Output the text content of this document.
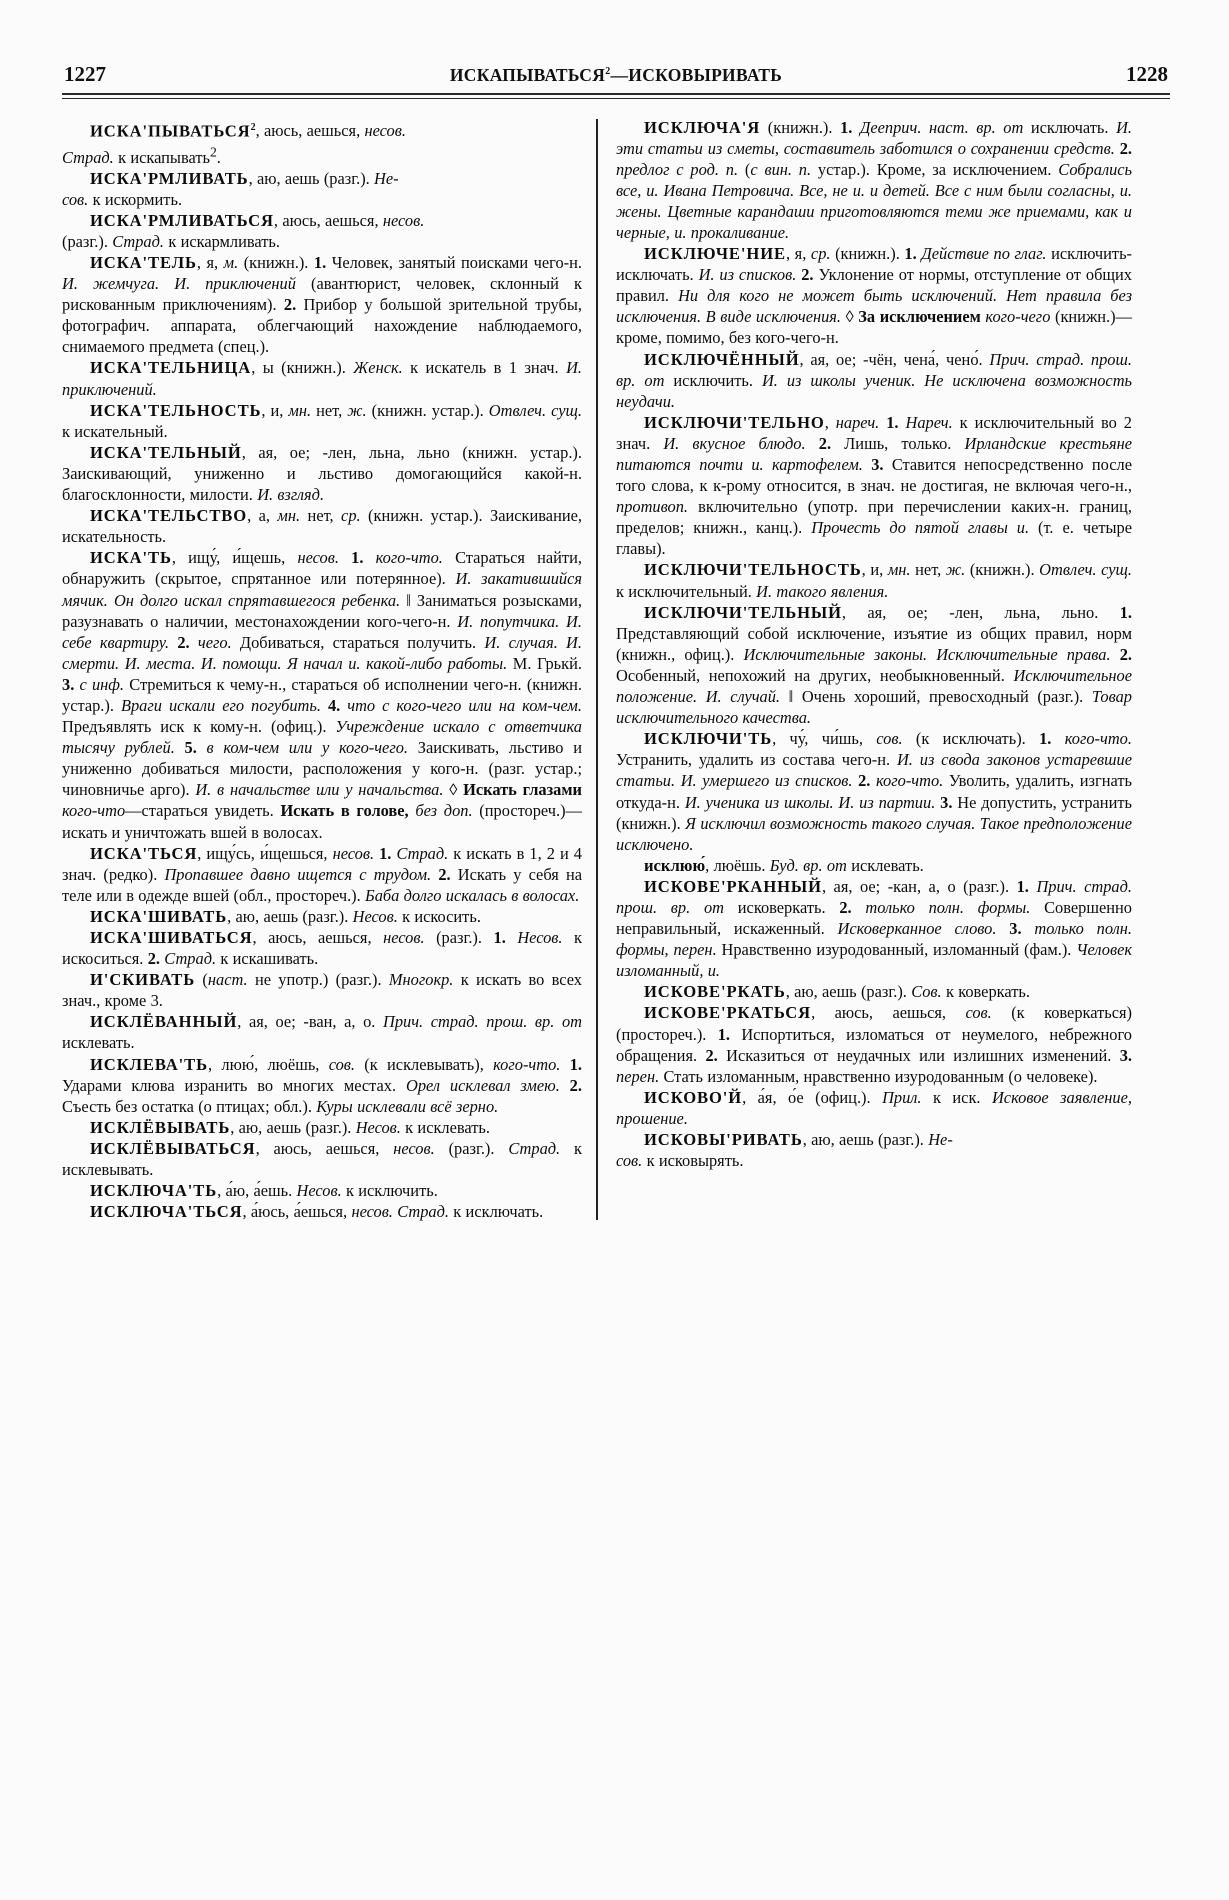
1227	ИСКАПЫВАТЬСЯ$^2$—ИСКОВЫРИВАТЬ	1228

ИСКА'ПЫВАТЬСЯ$^2$, аюсь, аешься, несов.
Страд. к искапывать$^2$.

ИСКА'РМЛИВАТЬ, аю, аешь (разг.). Не-
сов. к искормить.

ИСКА'РМЛИВАТЬСЯ, аюсь, аешься, несов.
(разг.). Страд. к искармливать.

ИСКА'ТЕЛЬ, я, м. (книжн.). 1. Человек, занятый поисками чего-н. И. жемчуга. И. приключений (авантюрист, человек, склонный к рискованным приключениям). 2. Прибор у большой зрительной трубы, фотографич. аппарата, облегчающий нахождение наблюдаемого, снимаемого предмета (спец.).

ИСКА'ТЕЛЬНИЦА, ы (книжн.). Женск. к искатель в 1 знач. И. приключений.

ИСКА'ТЕЛЬНОСТЬ, и, мн. нет, ж. (книжн. устар.). Отвлеч. сущ. к искательный.

ИСКА'ТЕЛЬНЫЙ, ая, ое; -лен, льна, льно (книжн. устар.). Заискивающий, униженно и льстиво домогающийся какой-н. благосклонности, милости. И. взгляд.

ИСКА'ТЕЛЬСТВО, а, мн. нет, ср. (книжн. устар.). Заискивание, искательность.

ИСКА'ТЬ, ищу́, и́щешь, несов. 1. кого-что. Стараться найти, обнаружить (скрытое, спрятанное или потерянное). И. закатившийся мячик. Он долго искал спрятавшегося ребенка. ‖ Заниматься розысками, разузнавать о наличии, местонахождении кого-чего-н. И. попутчика. И. себе квартиру. 2. чего. Добиваться, стараться получить. И. случая. И. смерти. И. места. И. помощи. Я начал и. какой-либо работы. М. Грькй. 3. с инф. Стремиться к чему-н., стараться об исполнении чего-н. (книжн. устар.). Враги искали его погубить. 4. что с кого-чего или на ком-чем. Предъявлять иск к кому-н. (офиц.). Учреждение искало с ответчика тысячу рублей. 5. в ком-чем или у кого-чего. Заискивать, льстиво и униженно добиваться милости, расположения у кого-н. (разг. устар.; чиновничье арго). И. в начальстве или у начальства. ◊ Искать глазами кого-что—стараться увидеть. Искать в голове, без доп. (простореч.)—искать и уничтожать вшей в волосах.

ИСКА'ТЬСЯ, ищу́сь, и́щешься, несов. 1. Страд. к искать в 1, 2 и 4 знач. (редко). Пропавшее давно ищется с трудом. 2. Искать у себя на теле или в одежде вшей (обл., простореч.). Баба долго искалась в волосах.

ИСКА'ШИВАТЬ, аю, аешь (разг.). Несов. к искосить.

ИСКА'ШИВАТЬСЯ, аюсь, аешься, несов. (разг.). 1. Несов. к искоситься. 2. Страд. к искашивать.

И'СКИВАТЬ (наст. не употр.) (разг.). Многокр. к искать во всех знач., кроме 3.

ИСКЛЁВАННЫЙ, ая, ое; -ван, а, о. Прич. страд. прош. вр. от исклевать.

ИСКЛЕВА'ТЬ, люю́, люёшь, сов. (к исклевывать), кого-что. 1. Ударами клюва изранить во многих местах. Орел исклевал змею. 2. Съесть без остатка (о птицах; обл.). Куры исклевали всё зерно.

ИСКЛЁВЫВАТЬ, аю, аешь (разг.). Несов. к исклевать.

ИСКЛЁВЫВАТЬСЯ, аюсь, аешься, несов. (разг.). Страд. к исклевывать.

ИСКЛЮЧА'ТЬ, а́ю, а́ешь. Несов. к исключить.

ИСКЛЮЧА'ТЬСЯ, а́юсь, а́ешься, несов. Страд. к исключать.

ИСКЛЮЧА'Я (книжн.). 1. Дееприч. наст. вр. от исключать. И. эти статьи из сметы, составитель заботился о сохранении средств. 2. предлог с род. п. (с вин. п. устар.). Кроме, за исключением. Собрались все, и. Ивана Петровича. Все, не и. и детей. Все с ним были согласны, и. жены. Цветные карандаши приготовляются теми же приемами, как и черные, и. прокаливание.

ИСКЛЮЧЕ'НИЕ, я, ср. (книжн.). 1. Действие по глаг. исключить-исключать. И. из списков. 2. Уклонение от нормы, отступление от общих правил. Ни для кого не может быть исключений. Нет правила без исключения. В виде исключения. ◊ За исключением кого-чего (книжн.)—кроме, помимо, без кого-чего-н.

ИСКЛЮЧЁННЫЙ, ая, ое; -чён, чена́, чено́. Прич. страд. прош. вр. от исключить. И. из школы ученик. Не исключена возможность неудачи.

ИСКЛЮЧИ'ТЕЛЬНО, нареч. 1. Нареч. к исключительный во 2 знач. И. вкусное блюдо. 2. Лишь, только. Ирландские крестьяне питаются почти и. картофелем. 3. Ставится непосредственно после того слова, к к-рому относится, в знач. не достигая, не включая чего-н., противоп. включительно (употр. при перечислении каких-н. границ, пределов; книжн., канц.). Прочесть до пятой главы и. (т. е. четыре главы).

ИСКЛЮЧИ'ТЕЛЬНОСТЬ, и, мн. нет, ж. (книжн.). Отвлеч. сущ. к исключительный. И. такого явления.

ИСКЛЮЧИ'ТЕЛЬНЫЙ, ая, ое; -лен, льна, льно. 1. Представляющий собой исключение, изъятие из общих правил, норм (книжн., офиц.). Исключительные законы. Исключительные права. 2. Особенный, непохожий на других, необыкновенный. Исключительное положение. И. случай. ‖ Очень хороший, превосходный (разг.). Товар исключительного качества.

ИСКЛЮЧИ'ТЬ, чу́, чи́шь, сов. (к исключать). 1. кого-что. Устранить, удалить из состава чего-н. И. из свода законов устаревшие статьи. И. умершего из списков. 2. кого-что. Уволить, удалить, изгнать откуда-н. И. ученика из школы. И. из партии. 3. Не допустить, устранить (книжн.). Я исключил возможность такого случая. Такое предположение исключено.

исклюю́, люёшь. Буд. вр. от исклевать.

ИСКОВЕ'РКАННЫЙ, ая, ое; -кан, а, о (разг.). 1. Прич. страд. прош. вр. от исковеркать. 2. только полн. формы. Совершенно неправильный, искаженный. Исковерканное слово. 3. только полн. формы, перен. Нравственно изуродованный, изломанный (фам.). Человек изломанный, и.

ИСКОВЕ'РКАТЬ, аю, аешь (разг.). Сов. к коверкать.

ИСКОВЕ'РКАТЬСЯ, аюсь, аешься, сов. (к коверкаться) (простореч.). 1. Испортиться, изломаться от неумелого, небрежного обращения. 2. Исказиться от неудачных или излишних изменений. 3. перен. Стать изломанным, нравственно изуродованным (о человеке).

ИСКОВО'Й, а́я, о́е (офиц.). Прил. к иск. Исковое заявление, прошение.

ИСКОВЫ'РИВАТЬ, аю, аешь (разг.). Не-
сов. к исковырять.
